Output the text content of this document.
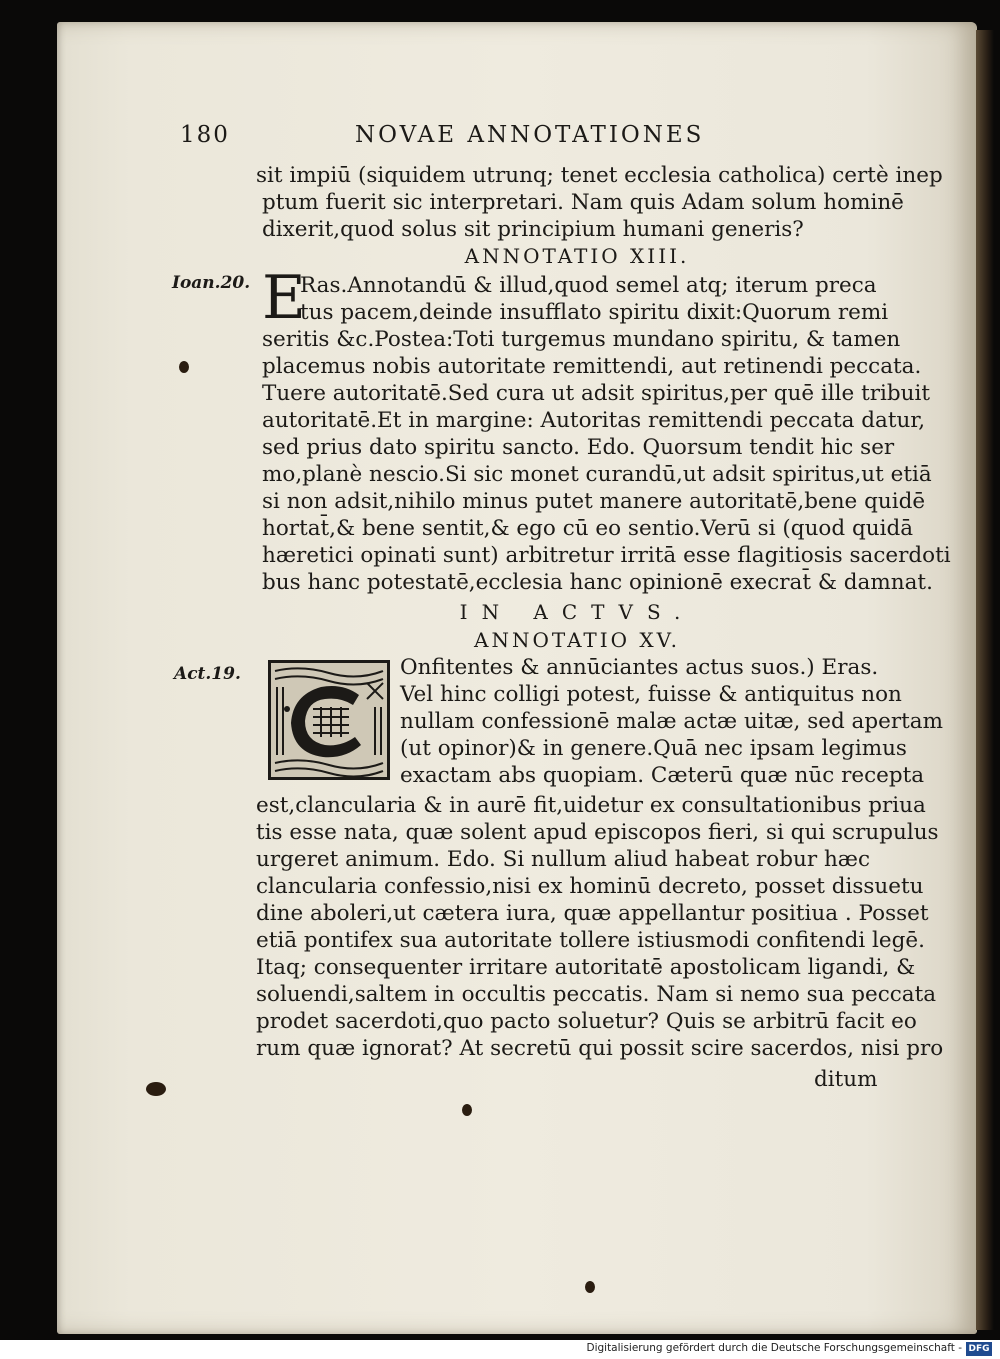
180	NOVAE ANNOTATIONES
sit impiū (siquidem utrunq; tenet ecclesia catholica) certè inep
ptum fuerit sic interpretari. Nam quis Adam solum hominē
dixerit,quod solus sit principium humani generis?
ANNOTATIO XIII.
Ioan.20. E
Ras.Annotandū & illud,quod semel atq; iterum preca
tus pacem,deinde insufflato spiritu dixit:Quorum remi
seritis &c.Postea:Toti turgemus mundano spiritu, & tamen
placemus nobis autoritate remittendi, aut retinendi peccata.
Tuere autoritatē.Sed cura ut adsit spiritus,per quē ille tribuit
autoritatē.Et in margine: Autoritas remittendi peccata datur,
sed prius dato spiritu sancto. Edo. Quorsum tendit hic ser
mo,planè nescio.Si sic monet curandū,ut adsit spiritus,ut etiā
si non adsit,nihilo minus putet manere autoritatē,bene quidē
hortat̄,& bene sentit,& ego cū eo sentio.Verū si (quod quidā
hæretici opinati sunt) arbitretur irritā esse flagitiosis sacerdoti
bus hanc potestatē,ecclesia hanc opinionē execrat̄ & damnat.
IN ACTVS.
ANNOTATIO XV.
Act.19.	Onfitentes & annūciantes actus suos.) Eras.
Vel hinc colligi potest, fuisse & antiquitus non
nullam confessionē malæ actæ uitæ, sed apertam
(ut opinor)& in genere.Quā nec ipsam legimus
exactam abs quopiam. Cæterū quæ nūc recepta
est,clancularia & in aurē fit,uidetur ex consultationibus priua
tis esse nata, quæ solent apud episcopos fieri, si qui scrupulus
urgeret animum. Edo. Si nullum aliud habeat robur hæc
clancularia confessio,nisi ex hominū decreto, posset dissuetu
dine aboleri,ut cætera iura, quæ appellantur positiua . Posset
etiā pontifex sua autoritate tollere istiusmodi confitendi legē.
Itaq; consequenter irritare autoritatē apostolicam ligandi, &
soluendi,saltem in occultis peccatis. Nam si nemo sua peccata
prodet sacerdoti,quo pacto soluetur? Quis se arbitrū facit eo
rum quæ ignorat? At secretū qui possit scire sacerdos, nisi pro
ditum
Digitalisierung gefördert durch die Deutsche Forschungsgemeinschaft - DFG
